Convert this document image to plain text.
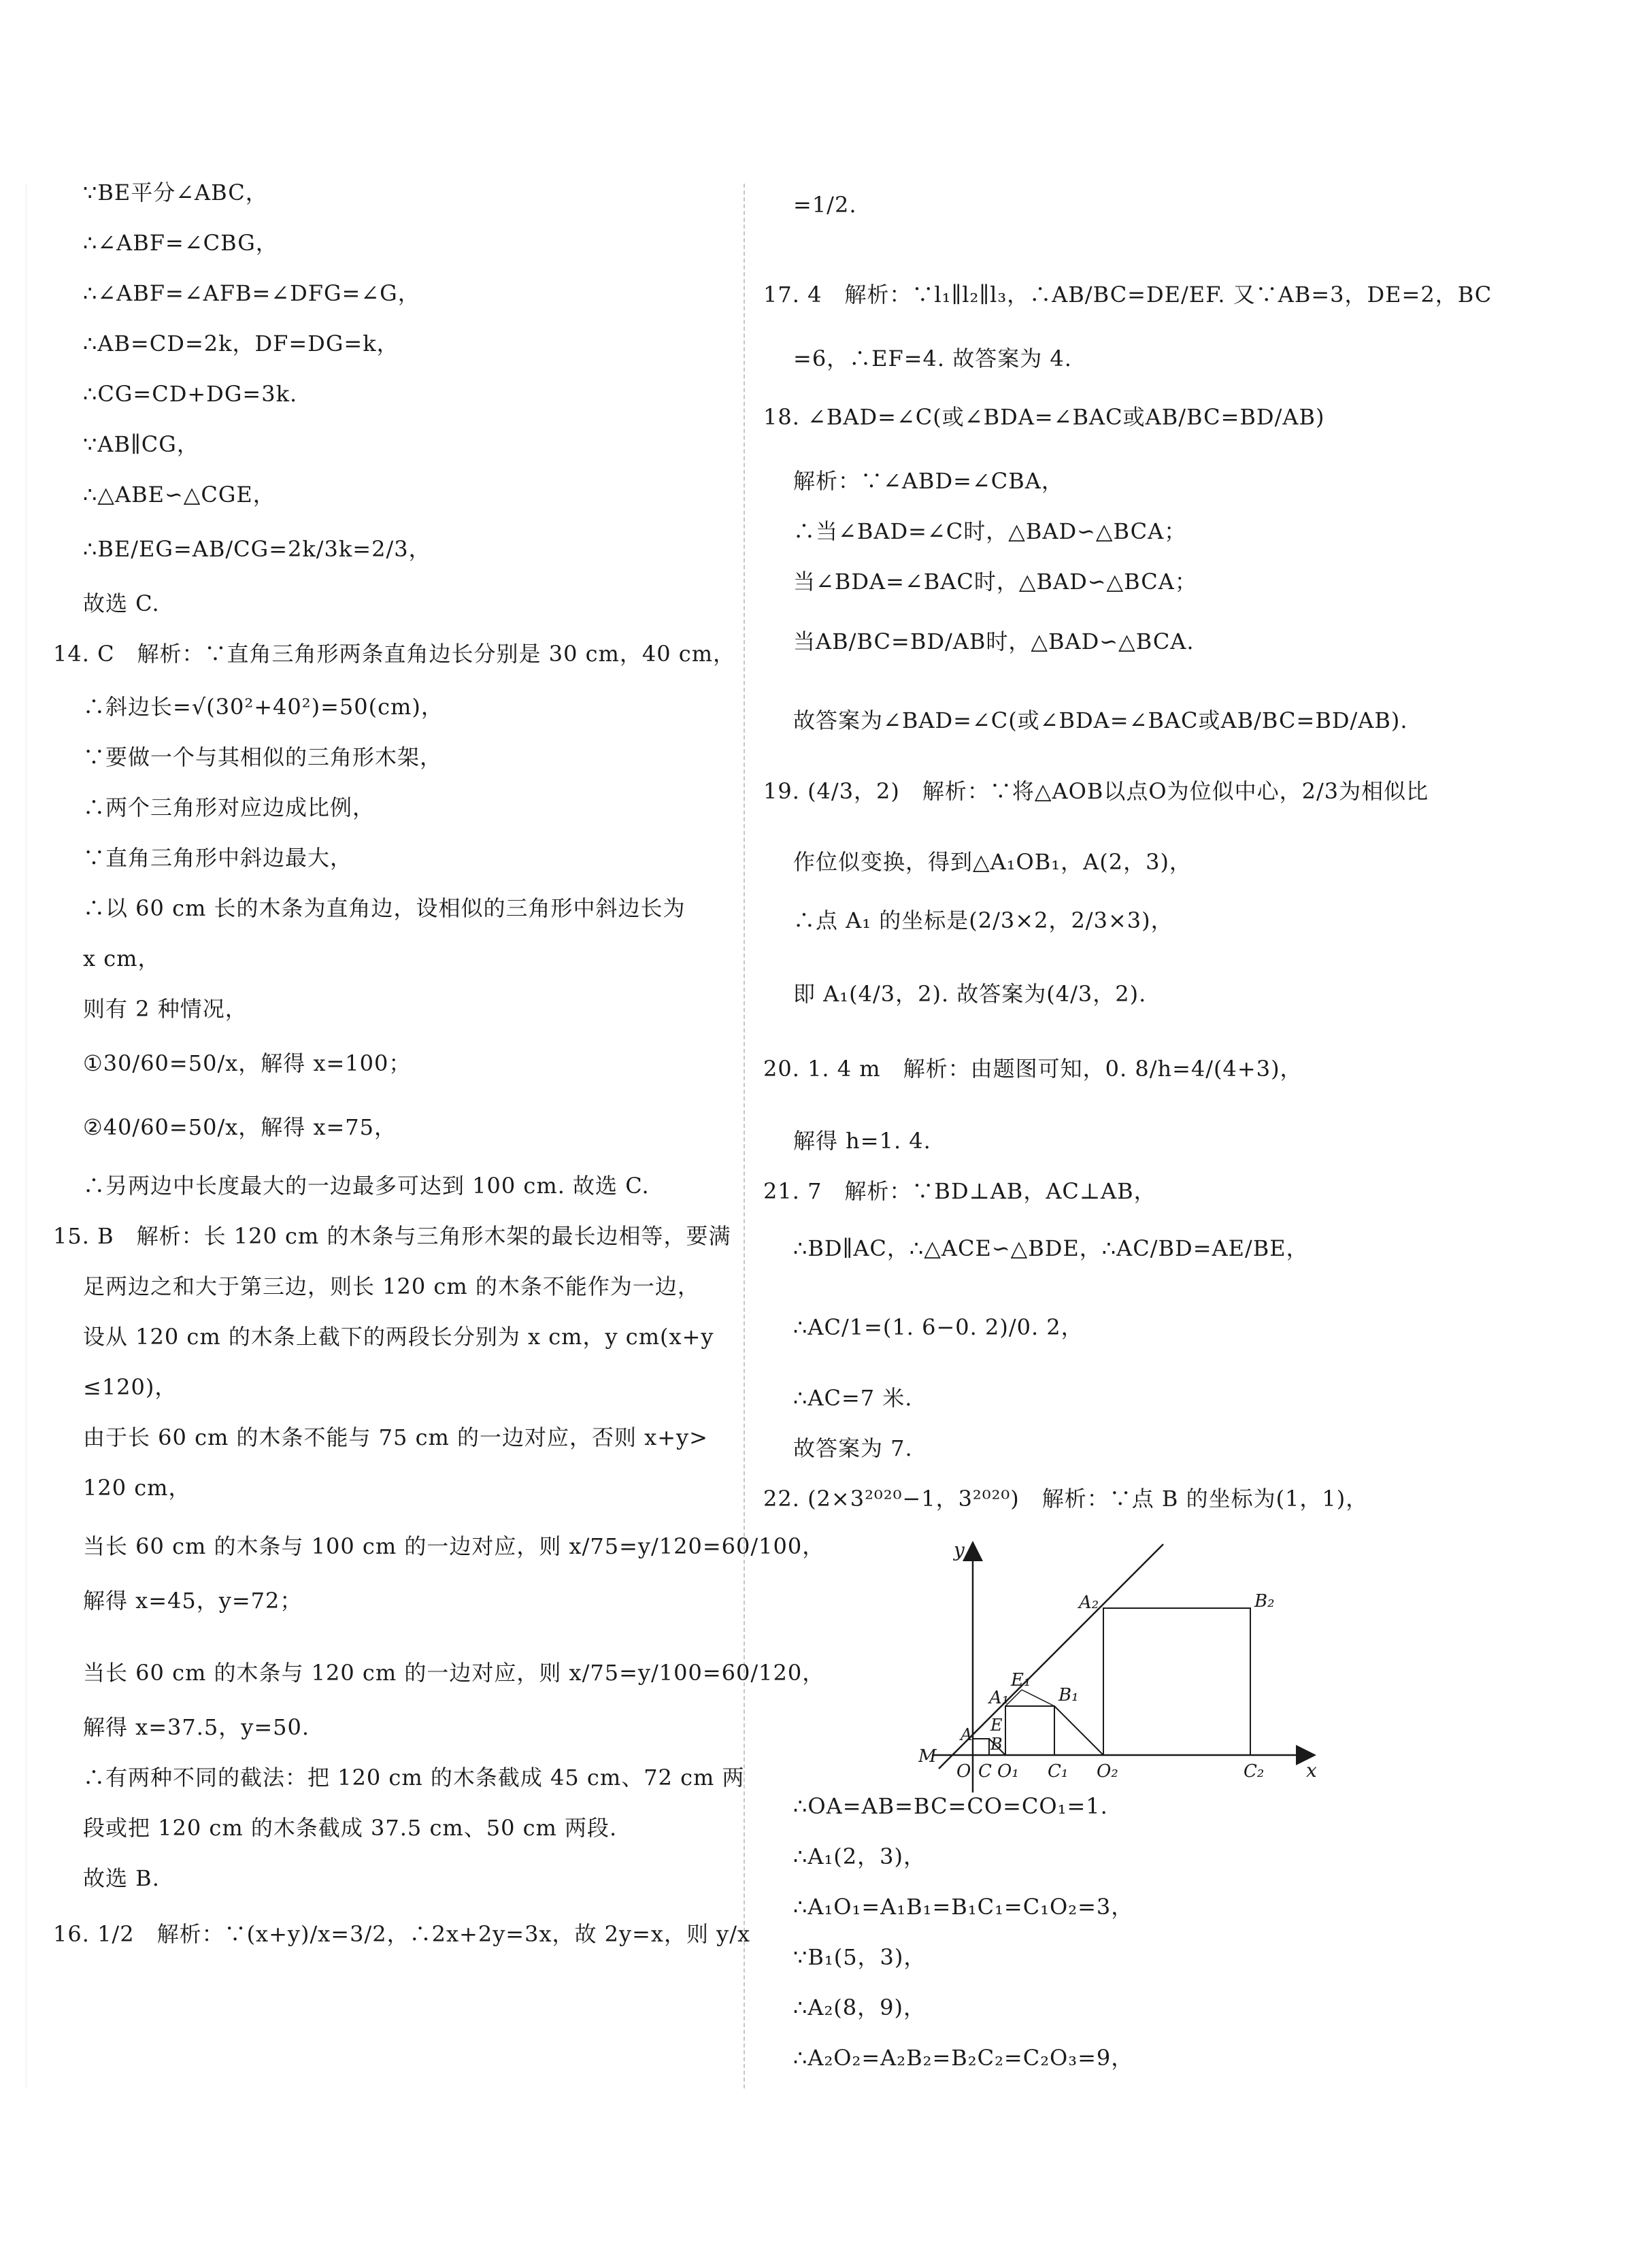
∵BE平分∠ABC，
∴∠ABF=∠CBG，
∴∠ABF=∠AFB=∠DFG=∠G，
∴AB=CD=2k，DF=DG=k，
∴CG=CD+DG=3k.
∵AB∥CG，
∴△ABE∽△CGE，
∴BE/EG=AB/CG=2k/3k=2/3，
故选 C.
14. C　解析：∵直角三角形两条直角边长分别是 30 cm，40 cm，
∴斜边长=√(30²+40²)=50(cm)，
∵要做一个与其相似的三角形木架，
∴两个三角形对应边成比例，
∵直角三角形中斜边最大，
∴以 60 cm 长的木条为直角边，设相似的三角形中斜边长为
x cm，
则有 2 种情况，
①30/60=50/x，解得 x=100；
②40/60=50/x，解得 x=75，
∴另两边中长度最大的一边最多可达到 100 cm. 故选 C.
15. B　解析：长 120 cm 的木条与三角形木架的最长边相等，要满
足两边之和大于第三边，则长 120 cm 的木条不能作为一边，
设从 120 cm 的木条上截下的两段长分别为 x cm，y cm(x+y
≤120)，
由于长 60 cm 的木条不能与 75 cm 的一边对应，否则 x+y>
120 cm，
当长 60 cm 的木条与 100 cm 的一边对应，则 x/75=y/120=60/100，
解得 x=45，y=72；
当长 60 cm 的木条与 120 cm 的一边对应，则 x/75=y/100=60/120，
解得 x=37.5，y=50.
∴有两种不同的截法：把 120 cm 的木条截成 45 cm、72 cm 两
段或把 120 cm 的木条截成 37.5 cm、50 cm 两段.
故选 B.
16. 1/2　解析：∵(x+y)/x=3/2，∴2x+2y=3x，故 2y=x，则 y/x
=1/2.
17. 4　解析：∵l₁∥l₂∥l₃，∴AB/BC=DE/EF. 又∵AB=3，DE=2，BC
=6，∴EF=4. 故答案为 4.
18. ∠BAD=∠C(或∠BDA=∠BAC或AB/BC=BD/AB)
解析：∵∠ABD=∠CBA，
∴当∠BAD=∠C时，△BAD∽△BCA；
当∠BDA=∠BAC时，△BAD∽△BCA；
当AB/BC=BD/AB时，△BAD∽△BCA.
故答案为∠BAD=∠C(或∠BDA=∠BAC或AB/BC=BD/AB).
19. (4/3，2)　解析：∵将△AOB以点O为位似中心，2/3为相似比
作位似变换，得到△A₁OB₁，A(2，3)，
∴点 A₁ 的坐标是(2/3×2，2/3×3)，
即 A₁(4/3，2). 故答案为(4/3，2).
20. 1. 4 m　解析：由题图可知，0. 8/h=4/(4+3)，
解得 h=1. 4.
21. 7　解析：∵BD⊥AB，AC⊥AB，
∴BD∥AC，∴△ACE∽△BDE，∴AC/BD=AE/BE，
∴AC/1=(1. 6−0. 2)/0. 2，
∴AC=7 米.
故答案为 7.
22. (2×3²⁰²⁰−1，3²⁰²⁰)　解析：∵点 B 的坐标为(1，1)，
∴OA=AB=BC=CO=CO₁=1.
∴A₁(2，3)，
∴A₁O₁=A₁B₁=B₁C₁=C₁O₂=3，
∵B₁(5，3)，
∴A₂(8，9)，
∴A₂O₂=A₂B₂=B₂C₂=C₂O₃=9，
y
x
A₂	B₂
E₁
A₁	B₁
E
A B
M
O C O₁ C₁ O₂	C₂
